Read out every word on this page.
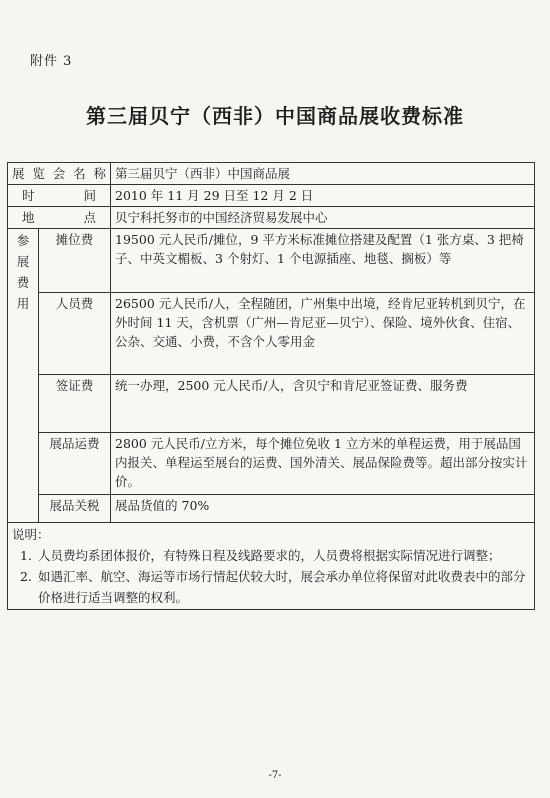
附件 3
第三届贝宁（西非）中国商品展收费标准
展览会名称		第三届贝宁（西非）中国商品展
时间		2010 年 11 月 29 日至 12 月 2 日
地点		贝宁科托努市的中国经济贸易发展中心
参展费用	摊位费	19500 元人民币/摊位，9 平方米标准摊位搭建及配置（1 张方桌、3 把椅子、中英文楣板、3 个射灯、1 个电源插座、地毯、搁板）等
	人员费	26500 元人民币/人，全程随团，广州集中出境，经肯尼亚转机到贝宁，在外时间 11 天，含机票（广州—肯尼亚—贝宁）、保险、境外伙食、住宿、公杂、交通、小费，不含个人零用金
	签证费	统一办理，2500 元人民币/人，含贝宁和肯尼亚签证费、服务费
	展品运费	2800 元人民币/立方米，每个摊位免收 1 立方米的单程运费，用于展品国内报关、单程运至展台的运费、国外清关、展品保险费等。超出部分按实计价。
	展品关税	展品货值的 70%

说明：
1. 人员费均系团体报价，有特殊日程及线路要求的，人员费将根据实际情况进行调整；
2. 如遇汇率、航空、海运等市场行情起伏较大时，展会承办单位将保留对此收费表中的部分价格进行适当调整的权利。		
-7-
